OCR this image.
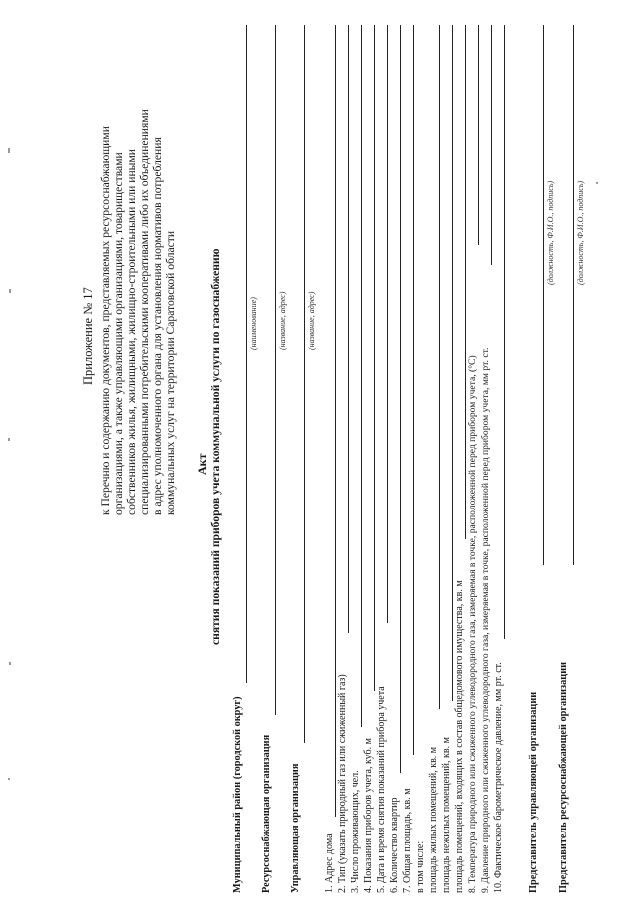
Приложение № 17 к Перечню и содержанию документов, представляемых ресурсоснабжающими организациями, а также управляющими организациями, товариществами собственников жилья, жилищными, жилищно-строительными или иными специализированными потребительскими кооперативами либо их объединениями в адрес уполномоченного органа для установления нормативов потребления коммунальных услуг на территории Саратовской области Акт снятия показаний приборов учета коммунальной услуги по газоснабжению
Муниципальный район (городской округ)
(наименование)
Ресурсоснабжающая организация
(название, адрес)
Управляющая организация
(название, адрес)
1. Адрес дома 2. Тип (указать природный газ или сжиженный газ) 3. Число проживающих, чел. 4. Показания приборов учета, куб. м 5. Дата и время снятия показаний прибора учета 6. Количество квартир 7. Общая площадь, кв. м в том числе: площадь жилых помещений, кв. м площадь нежилых помещений, кв. м площадь помещений, входящих в состав общедомового имущества, кв. м 8. Температура природного или сжиженного углеводородного газа, измеряемая в точке, расположенной перед прибором учета, (°С) 9. Давление природного или сжиженного углеводородного газа, измеряемая в точке, расположенной перед прибором учета, мм рт. ст. 10. Фактическое барометрическое давление, мм рт. ст. Представитель управляющей организации
(должность, Ф.И.О., подпись)
Представитель ресурсоснабжающей организации
(должность, Ф.И.О., подпись)
